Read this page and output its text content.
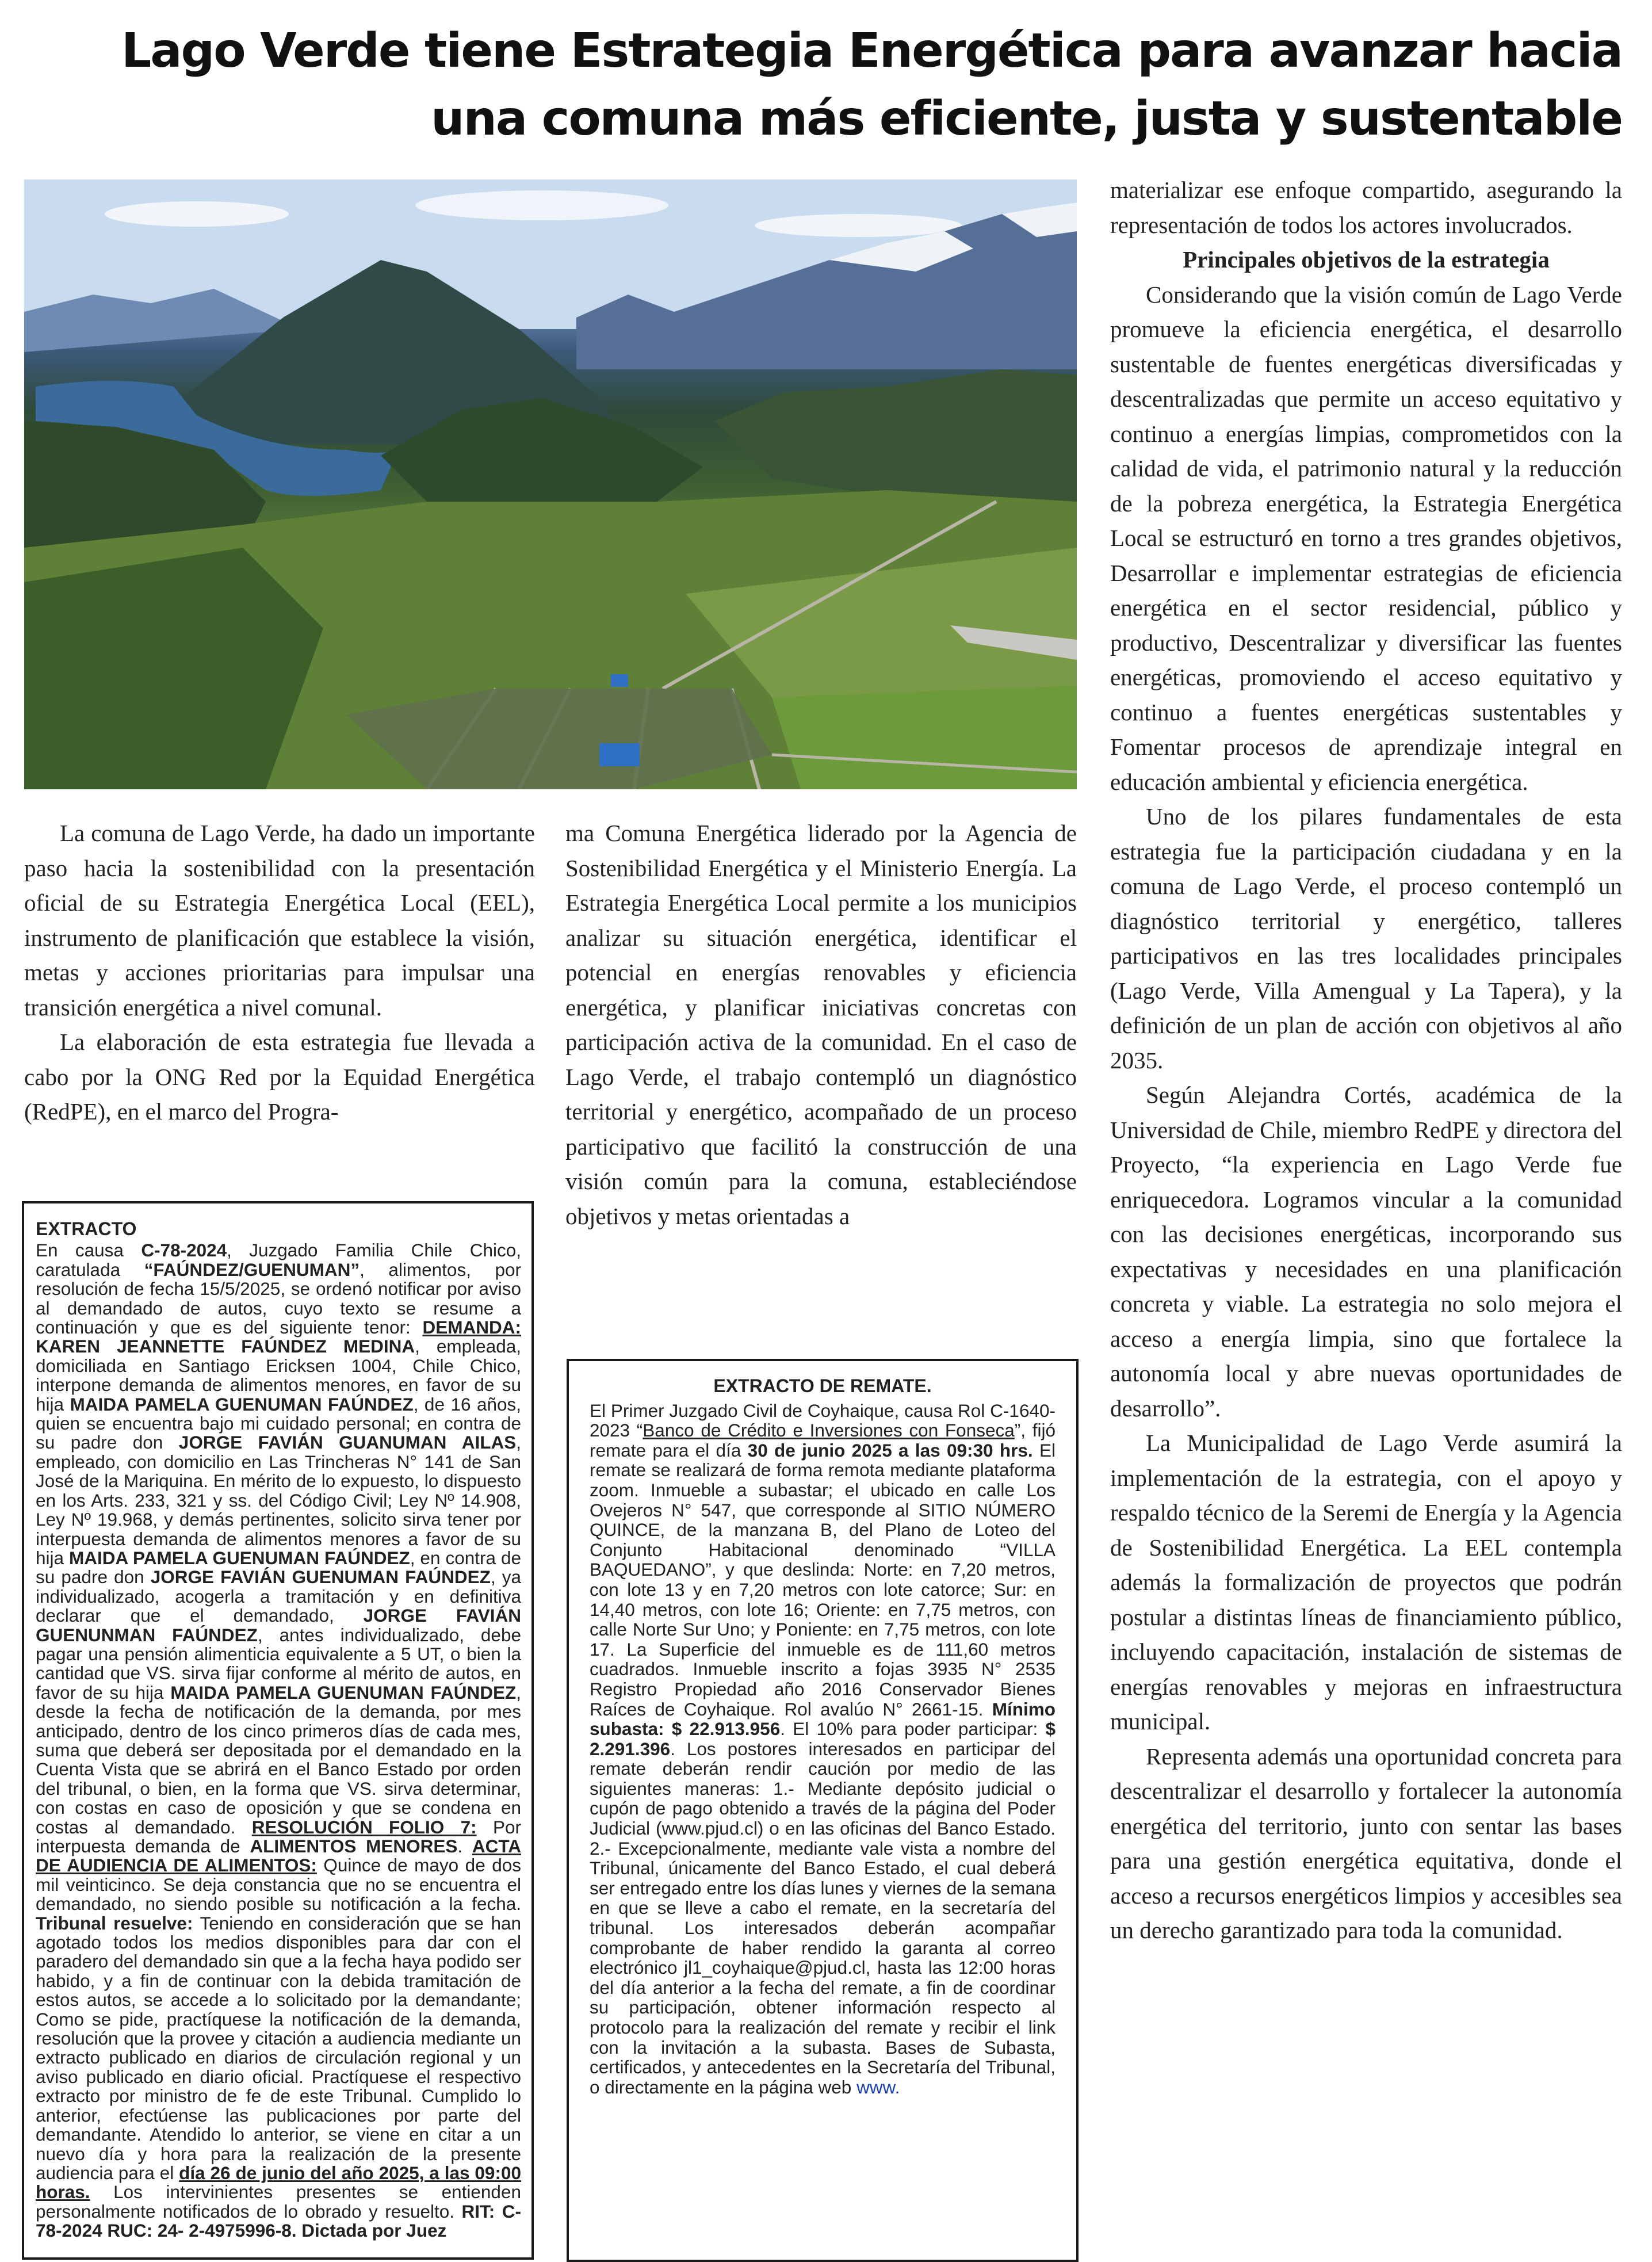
Lago Verde tiene Estrategia Energética para avanzar hacia
una comuna más eficiente, justa y sustentable

La comuna de Lago Verde, ha dado un importante paso hacia la sostenibilidad con la presentación oficial de su Estrategia Energética Local (EEL), instrumento de planificación que establece la visión, metas y acciones prioritarias para impulsar una transición energética a nivel comunal.

La elaboración de esta estrategia fue llevada a cabo por la ONG Red por la Equidad Energética (RedPE), en el marco del Progra-

ma Comuna Energética liderado por la Agencia de Sostenibilidad Energética y el Ministerio Energía. La Estrategia Energética Local permite a los municipios analizar su situación energética, identificar el potencial en energías renovables y eficiencia energética, y planificar iniciativas concretas con participación activa de la comunidad. En el caso de Lago Verde, el trabajo contempló un diagnóstico territorial y energético, acompañado de un proceso participativo que facilitó la construcción de una visión común para la comuna, estableciéndose objetivos y metas orientadas a

materializar ese enfoque compartido, asegurando la representación de todos los actores involucrados.

Principales objetivos de la estrategia

Considerando que la visión común de Lago Verde promueve la eficiencia energética, el desarrollo sustentable de fuentes energéticas diversificadas y descentralizadas que permite un acceso equitativo y continuo a energías limpias, comprometidos con la calidad de vida, el patrimonio natural y la reducción de la pobreza energética, la Estrategia Energética Local se estructuró en torno a tres grandes objetivos, Desarrollar e implementar estrategias de eficiencia energética en el sector residencial, público y productivo, Descentralizar y diversificar las fuentes energéticas, promoviendo el acceso equitativo y continuo a fuentes energéticas sustentables y Fomentar procesos de aprendizaje integral en educación ambiental y eficiencia energética.

Uno de los pilares fundamentales de esta estrategia fue la participación ciudadana y en la comuna de Lago Verde, el proceso contempló un diagnóstico territorial y energético, talleres participativos en las tres localidades principales (Lago Verde, Villa Amengual y La Tapera), y la definición de un plan de acción con objetivos al año 2035.

Según Alejandra Cortés, académica de la Universidad de Chile, miembro RedPE y directora del Proyecto, “la experiencia en Lago Verde fue enriquecedora. Logramos vincular a la comunidad con las decisiones energéticas, incorporando sus expectativas y necesidades en una planificación concreta y viable. La estrategia no solo mejora el acceso a energía limpia, sino que fortalece la autonomía local y abre nuevas oportunidades de desarrollo”.

La Municipalidad de Lago Verde asumirá la implementación de la estrategia, con el apoyo y respaldo técnico de la Seremi de Energía y la Agencia de Sostenibilidad Energética. La EEL contempla además la formalización de proyectos que podrán postular a distintas líneas de financiamiento público, incluyendo capacitación, instalación de sistemas de energías renovables y mejoras en infraestructura municipal.

Representa además una oportunidad concreta para descentralizar el desarrollo y fortalecer la autonomía energética del territorio, junto con sentar las bases para una gestión energética equitativa, donde el acceso a recursos energéticos limpios y accesibles sea un derecho garantizado para toda la comunidad.

EXTRACTO
En causa C-78-2024, Juzgado Familia Chile Chico, caratulada “FAÚNDEZ/GUENUMAN”, alimentos, por resolución de fecha 15/5/2025, se ordenó notificar por aviso al demandado de autos, cuyo texto se resume a continuación y que es del siguiente tenor: DEMANDA: KAREN JEANNETTE FAÚNDEZ MEDINA, empleada, domiciliada en Santiago Ericksen 1004, Chile Chico, interpone demanda de alimentos menores, en favor de su hija MAIDA PAMELA GUENUMAN FAÚNDEZ, de 16 años, quien se encuentra bajo mi cuidado personal; en contra de su padre don JORGE FAVIÁN GUANUMAN AILAS, empleado, con domicilio en Las Trincheras N° 141 de San José de la Mariquina. En mérito de lo expuesto, lo dispuesto en los Arts. 233, 321 y ss. del Código Civil; Ley Nº 14.908, Ley Nº 19.968, y demás pertinentes, solicito sirva tener por interpuesta demanda de alimentos menores a favor de su hija MAIDA PAMELA GUENUMAN FAÚNDEZ, en contra de su padre don JORGE FAVIÁN GUENUMAN FAÚNDEZ, ya individualizado, acogerla a tramitación y en definitiva declarar que el demandado, JORGE FAVIÁN GUENUNMAN FAÚNDEZ, antes individualizado, debe pagar una pensión alimenticia equivalente a 5 UT, o bien la cantidad que VS. sirva fijar conforme al mérito de autos, en favor de su hija MAIDA PAMELA GUENUMAN FAÚNDEZ, desde la fecha de notificación de la demanda, por mes anticipado, dentro de los cinco primeros días de cada mes, suma que deberá ser depositada por el demandado en la Cuenta Vista que se abrirá en el Banco Estado por orden del tribunal, o bien, en la forma que VS. sirva determinar, con costas en caso de oposición y que se condena en costas al demandado. RESOLUCIÓN FOLIO 7: Por interpuesta demanda de ALIMENTOS MENORES. ACTA DE AUDIENCIA DE ALIMENTOS: Quince de mayo de dos mil veinticinco. Se deja constancia que no se encuentra el demandado, no siendo posible su notificación a la fecha. Tribunal resuelve: Teniendo en consideración que se han agotado todos los medios disponibles para dar con el paradero del demandado sin que a la fecha haya podido ser habido, y a fin de continuar con la debida tramitación de estos autos, se accede a lo solicitado por la demandante; Como se pide, practíquese la notificación de la demanda, resolución que la provee y citación a audiencia mediante un extracto publicado en diarios de circulación regional y un aviso publicado en diario oficial. Practíquese el respectivo extracto por ministro de fe de este Tribunal. Cumplido lo anterior, efectúense las publicaciones por parte del demandante. Atendido lo anterior, se viene en citar a un nuevo día y hora para la realización de la presente audiencia para el día 26 de junio del año 2025, a las 09:00 horas. Los intervinientes presentes se entienden personalmente notificados de lo obrado y resuelto. RIT: C-78-2024 RUC: 24- 2-4975996-8. Dictada por Juez
EXTRACTO DE REMATE.
El Primer Juzgado Civil de Coyhaique, causa Rol C-1640-2023 “Banco de Crédito e Inversiones con Fonseca”, fijó remate para el día 30 de junio 2025 a las 09:30 hrs. El remate se realizará de forma remota mediante plataforma zoom. Inmueble a subastar; el ubicado en calle Los Ovejeros N° 547, que corresponde al SITIO NÚMERO QUINCE, de la manzana B, del Plano de Loteo del Conjunto Habitacional denominado “VILLA BAQUEDANO”, y que deslinda: Norte: en 7,20 metros, con lote 13 y en 7,20 metros con lote catorce; Sur: en 14,40 metros, con lote 16; Oriente: en 7,75 metros, con calle Norte Sur Uno; y Poniente: en 7,75 metros, con lote 17. La Superficie del inmueble es de 111,60 metros cuadrados. Inmueble inscrito a fojas 3935 N° 2535 Registro Propiedad año 2016 Conservador Bienes Raíces de Coyhaique. Rol avalúo N° 2661-15. Mínimo subasta: $ 22.913.956. El 10% para poder participar: $ 2.291.396. Los postores interesados en participar del remate deberán rendir caución por medio de las siguientes maneras: 1.- Mediante depósito judicial o cupón de pago obtenido a través de la página del Poder Judicial (www.pjud.cl) o en las oficinas del Banco Estado. 2.- Excepcionalmente, mediante vale vista a nombre del Tribunal, únicamente del Banco Estado, el cual deberá ser entregado entre los días lunes y viernes de la semana en que se lleve a cabo el remate, en la secretaría del tribunal. Los interesados deberán acompañar comprobante de haber rendido la garanta al correo electrónico jl1_coyhaique@pjud.cl, hasta las 12:00 horas del día anterior a la fecha del remate, a fin de coordinar su participación, obtener información respecto al protocolo para la realización del remate y recibir el link con la invitación a la subasta. Bases de Subasta, certificados, y antecedentes en la Secretaría del Tribunal, o directamente en la página web www.
